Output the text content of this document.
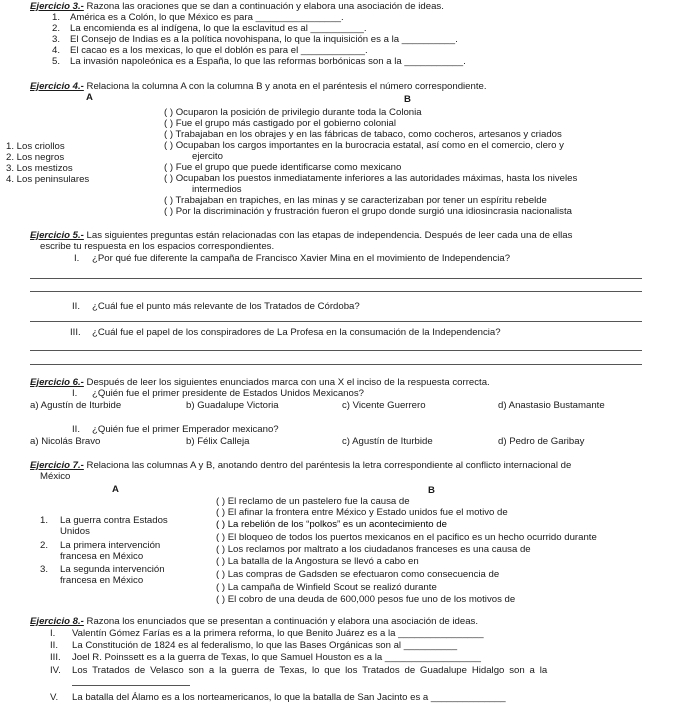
Ejercicio 3.- Razona las oraciones que se dan a continuación y elabora una asociación de ideas.
1. América es a Colón, lo que México es para ________________.
2. La encomienda es al indígena, lo que la esclavitud es al __________.
3. El Consejo de Indias es a la política novohispana, lo que la inquisición es a la __________.
4. El cacao es a los mexicas, lo que el doblón es para el ____________.
5. La invasión napoleónica es a España, lo que las reformas borbónicas son a la ___________.
Ejercicio 4.- Relaciona la columna A con la columna B y anota en el paréntesis el número correspondiente.
A	B
1. Los criollos
2. Los negros
3. Los mestizos
4. Los peninsulares
( ) Ocuparon la posición de privilegio durante toda la Colonia
( ) Fue el grupo más castigado por el gobierno colonial
( ) Trabajaban en los obrajes y en las fábricas de tabaco, como cocheros, artesanos y criados
( ) Ocupaban los cargos importantes en la burocracia estatal, así como en el comercio, clero y
ejercito
( ) Fue el grupo que puede identificarse como mexicano
( ) Ocupaban los puestos inmediatamente inferiores a las autoridades máximas, hasta los niveles
intermedios
( ) Trabajaban en trapiches, en las minas y se caracterizaban por tener un espíritu rebelde
( ) Por la discriminación y frustración fueron el grupo donde surgió una idiosincrasia nacionalista
Ejercicio 5.- Las siguientes preguntas están relacionadas con las etapas de independencia. Después de leer cada una de ellas
escribe tu respuesta en los espacios correspondientes.
I. ¿Por qué fue diferente la campaña de Francisco Xavier Mina en el movimiento de Independencia?
II. ¿Cuál fue el punto más relevante de los Tratados de Córdoba?
III. ¿Cuál fue el papel de los conspiradores de La Profesa en la consumación de la Independencia?
Ejercicio 6.- Después de leer los siguientes enunciados marca con una X el inciso de la respuesta correcta.
I. ¿Quién fue el primer presidente de Estados Unidos Mexicanos?
a) Agustín de Iturbide	b) Guadalupe Victoria	c) Vicente Guerrero	d) Anastasio Bustamante
II. ¿Quién fue el primer Emperador mexicano?
a) Nicolás Bravo	b) Félix Calleja	c) Agustín de Iturbide	d) Pedro de Garibay
Ejercicio 7.- Relaciona las columnas A y B, anotando dentro del paréntesis la letra correspondiente al conflicto internacional de
México
A	B
1. La guerra contra Estados
Unidos
2. La primera intervención
francesa en México
3. La segunda intervención
francesa en México
( ) El reclamo de un pastelero fue la causa de
( ) El afinar la frontera entre México y Estado unidos fue el motivo de
( ) La rebelión de los “polkos” es un acontecimiento de
( ) El bloqueo de todos los puertos mexicanos en el pacifico es un hecho ocurrido durante
( ) Los reclamos por maltrato a los ciudadanos franceses es una causa de
( ) La batalla de la Angostura se llevó a cabo en
( ) Las compras de Gadsden se efectuaron como consecuencia de
( ) La campaña de Winfield Scout se realizó durante
( ) El cobro de una deuda de 600,000 pesos fue uno de los motivos de
Ejercicio 8.- Razona los enunciados que se presentan a continuación y elabora una asociación de ideas.
I. Valentín Gómez Farías es a la primera reforma, lo que Benito Juárez es a la ________________
II. La Constitución de 1824 es al federalismo, lo que las Bases Orgánicas son al __________
III. Joel R. Poinssett es a la guerra de Texas, lo que Samuel Houston es a la __________________
IV. Los Tratados de Velasco son a la guerra de Texas, lo que los Tratados de Guadalupe Hidalgo son a la
V. La batalla del Álamo es a los norteamericanos, lo que la batalla de San Jacinto es a ______________
